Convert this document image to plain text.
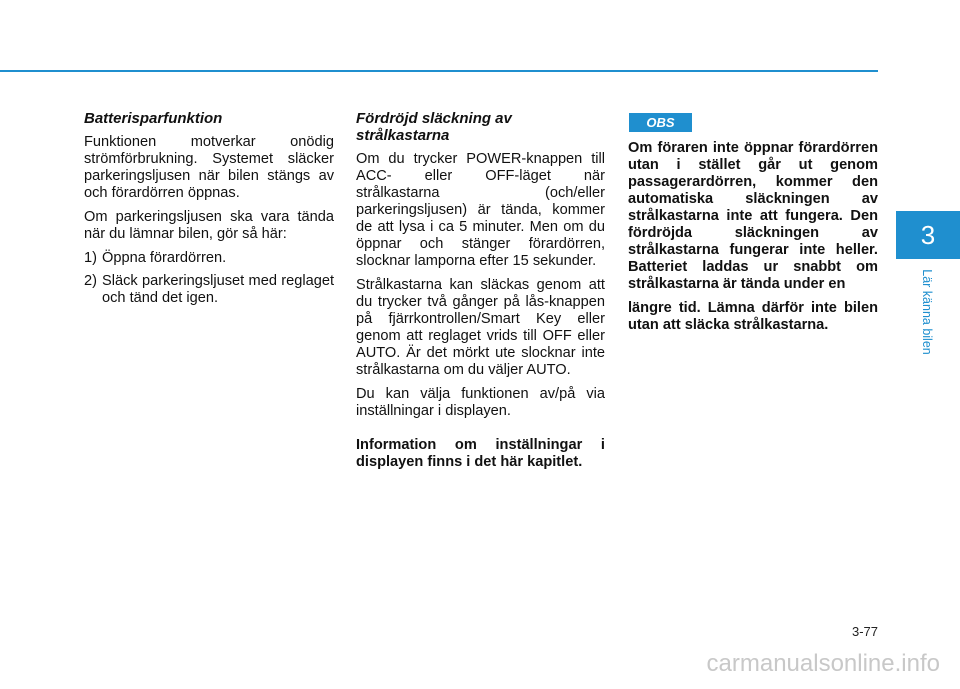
Batterisparfunktion

Funktionen motverkar onödig strömförbrukning. Systemet släcker parkeringsljusen när bilen stängs av och förardörren öppnas.

Om parkeringsljusen ska vara tända när du lämnar bilen, gör så här:

1) Öppna förardörren.
2) Släck parkeringsljuset med reglaget och tänd det igen.

Fördröjd släckning av strålkastarna

Om du trycker POWER-knappen till ACC- eller OFF-läget när strålkastarna (och/eller parkeringsljusen) är tända, kommer de att lysa i ca 5 minuter. Men om du öppnar och stänger förardörren, slocknar lamporna efter 15 sekunder.

Strålkastarna kan släckas genom att du trycker två gånger på lås-knappen på fjärrkontrollen/Smart Key eller genom att reglaget vrids till OFF eller AUTO. Är det mörkt ute slocknar inte strålkastarna om du väljer AUTO.

Du kan välja funktionen av/på via inställningar i displayen.

Information om inställningar i displayen finns i det här kapitlet.

OBS

Om föraren inte öppnar förardörren utan i stället går ut genom passagerardörren, kommer den automatiska släckningen av strålkastarna inte att fungera. Den fördröjda släckningen av strålkastarna fungerar inte heller. Batteriet laddas ur snabbt om strålkastarna är tända under en

längre tid. Lämna därför inte bilen utan att släcka strålkastarna.

3
Lär känna bilen
3-77
carmanualsonline.info
